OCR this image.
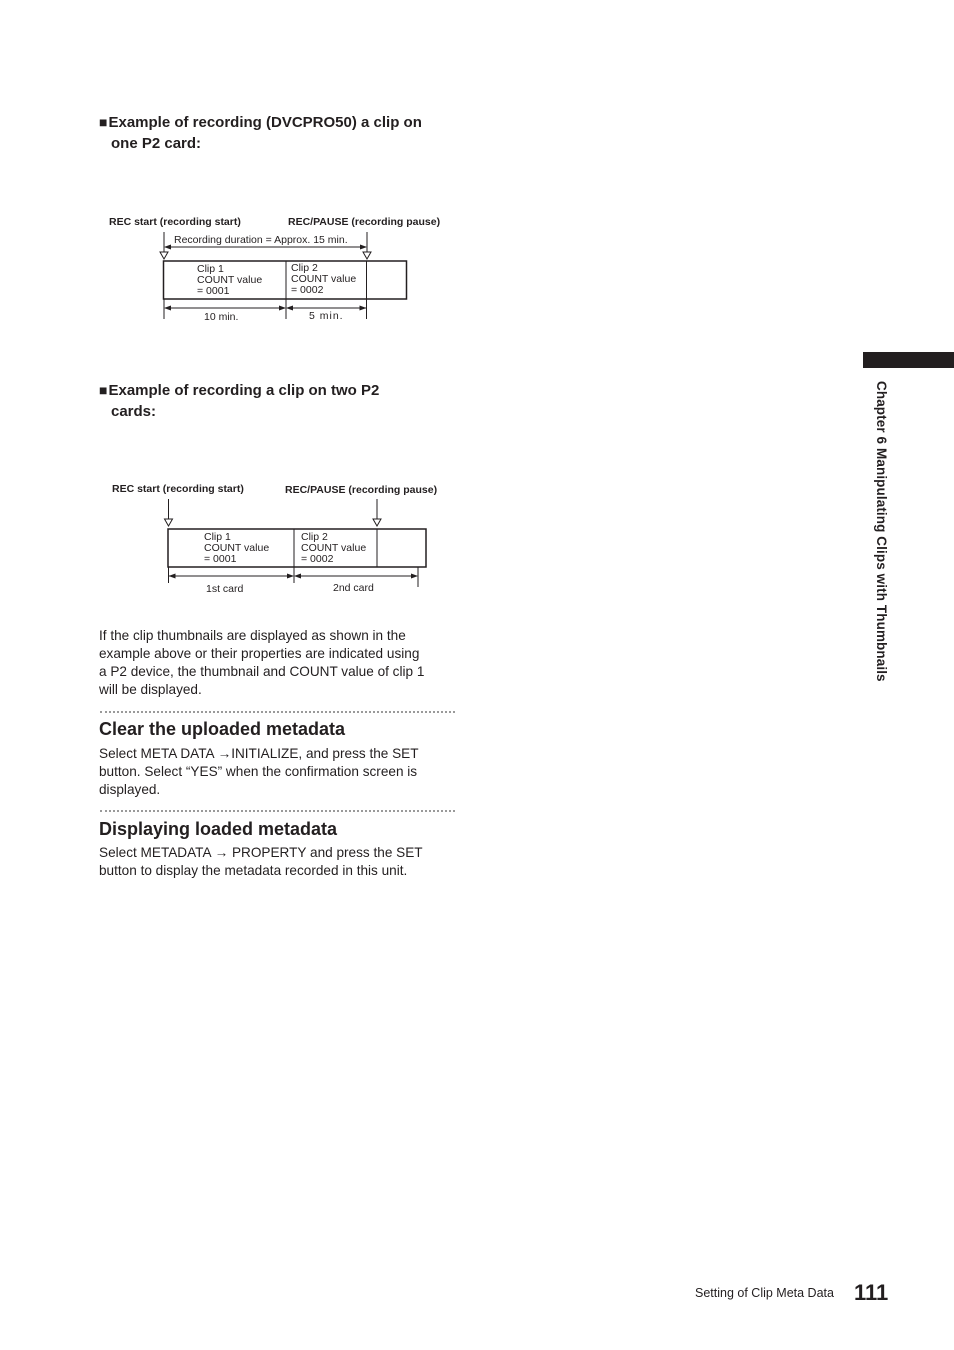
■Example of recording (DVCPRO50) a clip on
one P2 card:
REC start (recording start)	REC/PAUSE (recording pause)
Recording duration = Approx. 15 min.
Clip 1
COUNT value
= 0001
Clip 2
COUNT value
= 0002
10 min.	5 min.
■Example of recording a clip on two P2
cards:
REC start (recording start)	REC/PAUSE (recording pause)
Clip 1
COUNT value
= 0001
Clip 2
COUNT value
= 0002
1st card	2nd card
If the clip thumbnails are displayed as shown in the
example above or their properties are indicated using
a P2 device, the thumbnail and COUNT value of clip 1
will be displayed.
Clear the uploaded metadata
Select META DATA →INITIALIZE, and press the SET
button. Select “YES” when the confirmation screen is
displayed.
Displaying loaded metadata
Select METADATA → PROPERTY and press the SET
button to display the metadata recorded in this unit.
Chapter 6 Manipulating Clips with Thumbnails
Setting of Clip Meta Data 111
